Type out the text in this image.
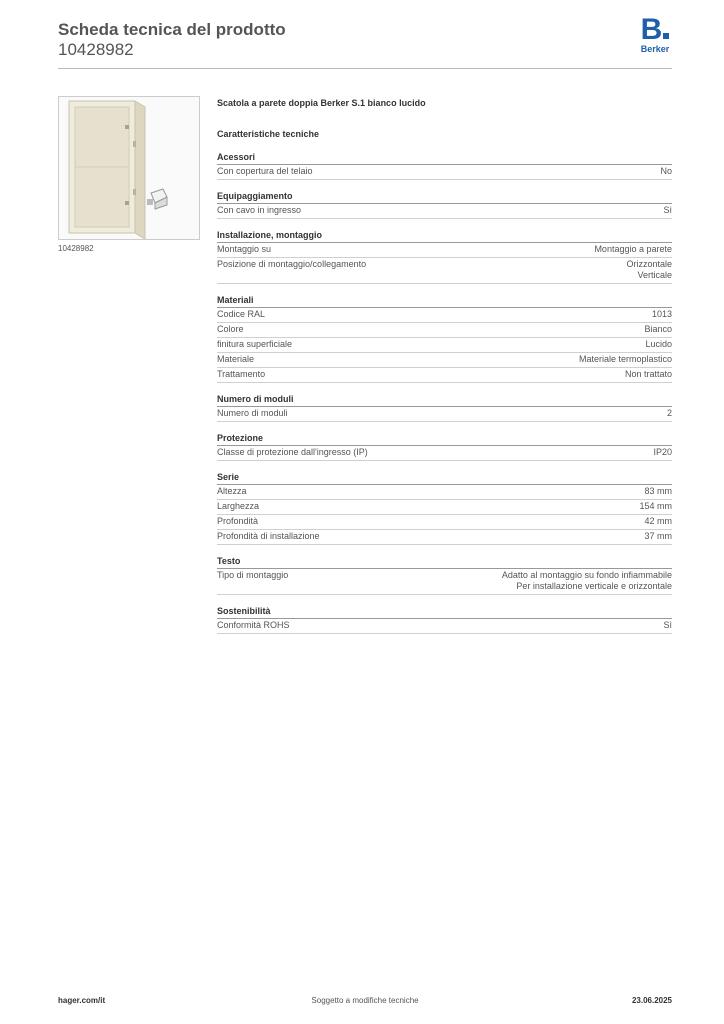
Scheda tecnica del prodotto
10428982
B
Berker
10428982
Scatola a parete doppia Berker S.1 bianco lucido
Caratteristiche tecniche
Acessori
Con copertura del telaio	No
Equipaggiamento
Con cavo in ingresso	Sì
Installazione, montaggio
Montaggio su	Montaggio a parete
Posizione di montaggio/collegamento	Orizzontale
Verticale
Materiali
Codice RAL	1013
Colore	Bianco
finitura superficiale	Lucido
Materiale	Materiale termoplastico
Trattamento	Non trattato
Numero di moduli
Numero di moduli	2
Protezione
Classe di protezione dall'ingresso (IP)	IP20
Serie
Altezza	83 mm
Larghezza	154 mm
Profondità	42 mm
Profondità di installazione	37 mm
Testo
Tipo di montaggio	Adatto al montaggio su fondo infiammabile
Per installazione verticale e orizzontale
Sostenibilità
Conformità ROHS	Sì
hager.com/it	Soggetto a modifiche tecniche	23.06.2025
